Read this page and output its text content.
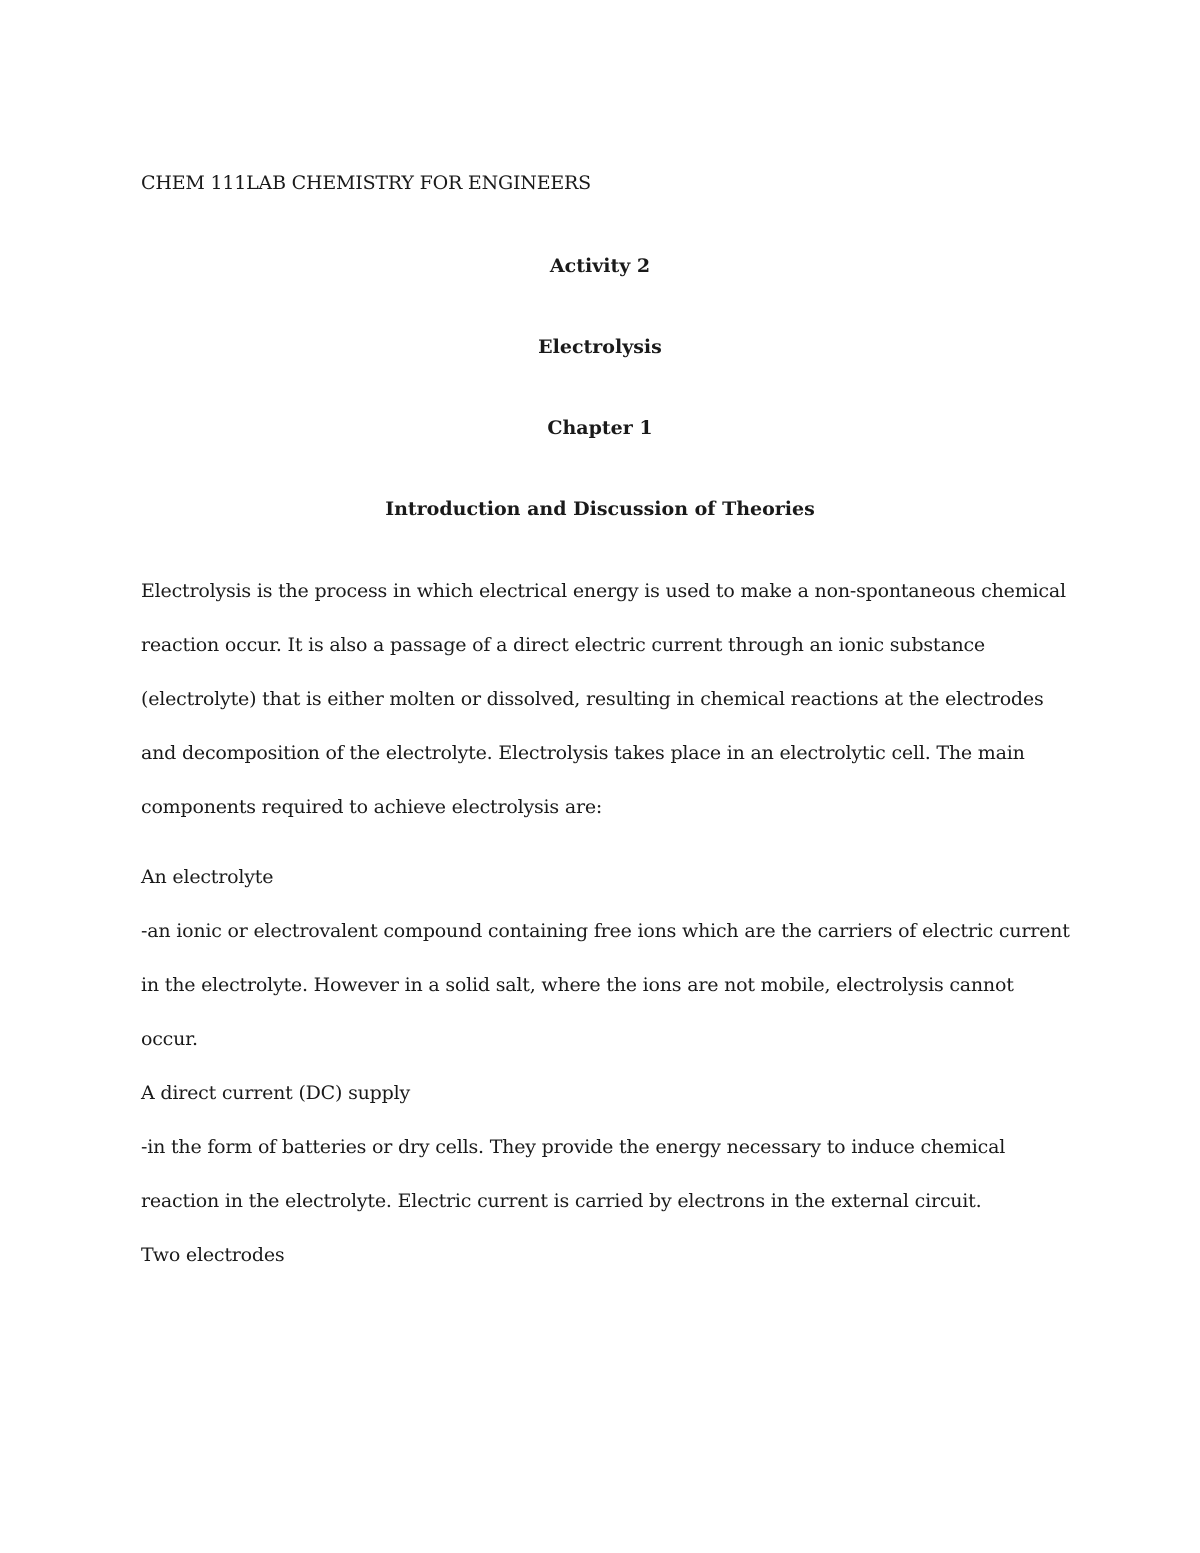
CHEM 111LAB CHEMISTRY FOR ENGINEERS
Activity 2
Electrolysis
Chapter 1
Introduction and Discussion of Theories
Electrolysis is the process in which electrical energy is used to make a non-spontaneous chemical
reaction occur. It is also a passage of a direct electric current through an ionic substance
(electrolyte) that is either molten or dissolved, resulting in chemical reactions at the electrodes
and decomposition of the electrolyte. Electrolysis takes place in an electrolytic cell. The main
components required to achieve electrolysis are:
An electrolyte
-an ionic or electrovalent compound containing free ions which are the carriers of electric current
in the electrolyte. However in a solid salt, where the ions are not mobile, electrolysis cannot
occur.
A direct current (DC) supply
-in the form of batteries or dry cells. They provide the energy necessary to induce chemical
reaction in the electrolyte. Electric current is carried by electrons in the external circuit.
Two electrodes
